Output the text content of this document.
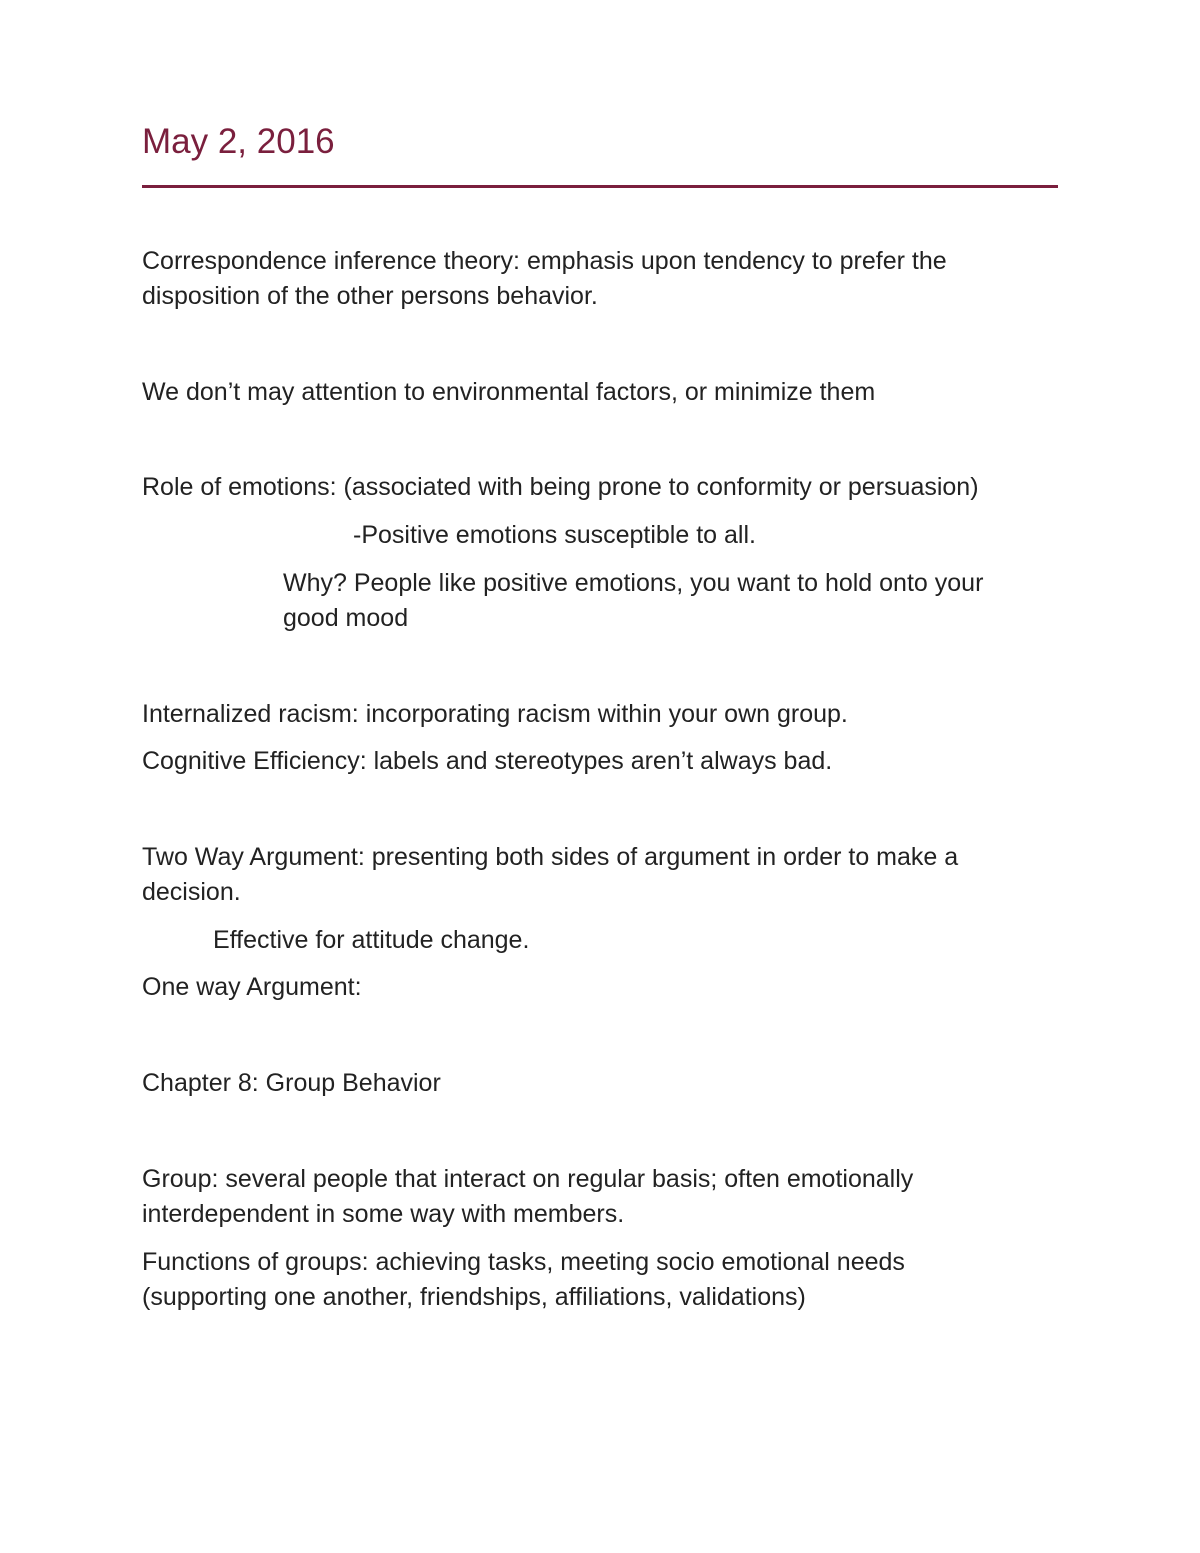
May 2, 2016
Correspondence inference theory: emphasis upon tendency to prefer the
disposition of the other persons behavior.
We don’t may attention to environmental factors, or minimize them
Role of emotions: (associated with being prone to conformity or persuasion)
-Positive emotions susceptible to all.
Why? People like positive emotions, you want to hold onto your
good mood
Internalized racism: incorporating racism within your own group.
Cognitive Efficiency: labels and stereotypes aren’t always bad.
Two Way Argument: presenting both sides of argument in order to make a
decision.
Effective for attitude change.
One way Argument:
Chapter 8: Group Behavior
Group: several people that interact on regular basis; often emotionally
interdependent in some way with members.
Functions of groups: achieving tasks, meeting socio emotional needs
(supporting one another, friendships, affiliations, validations)
